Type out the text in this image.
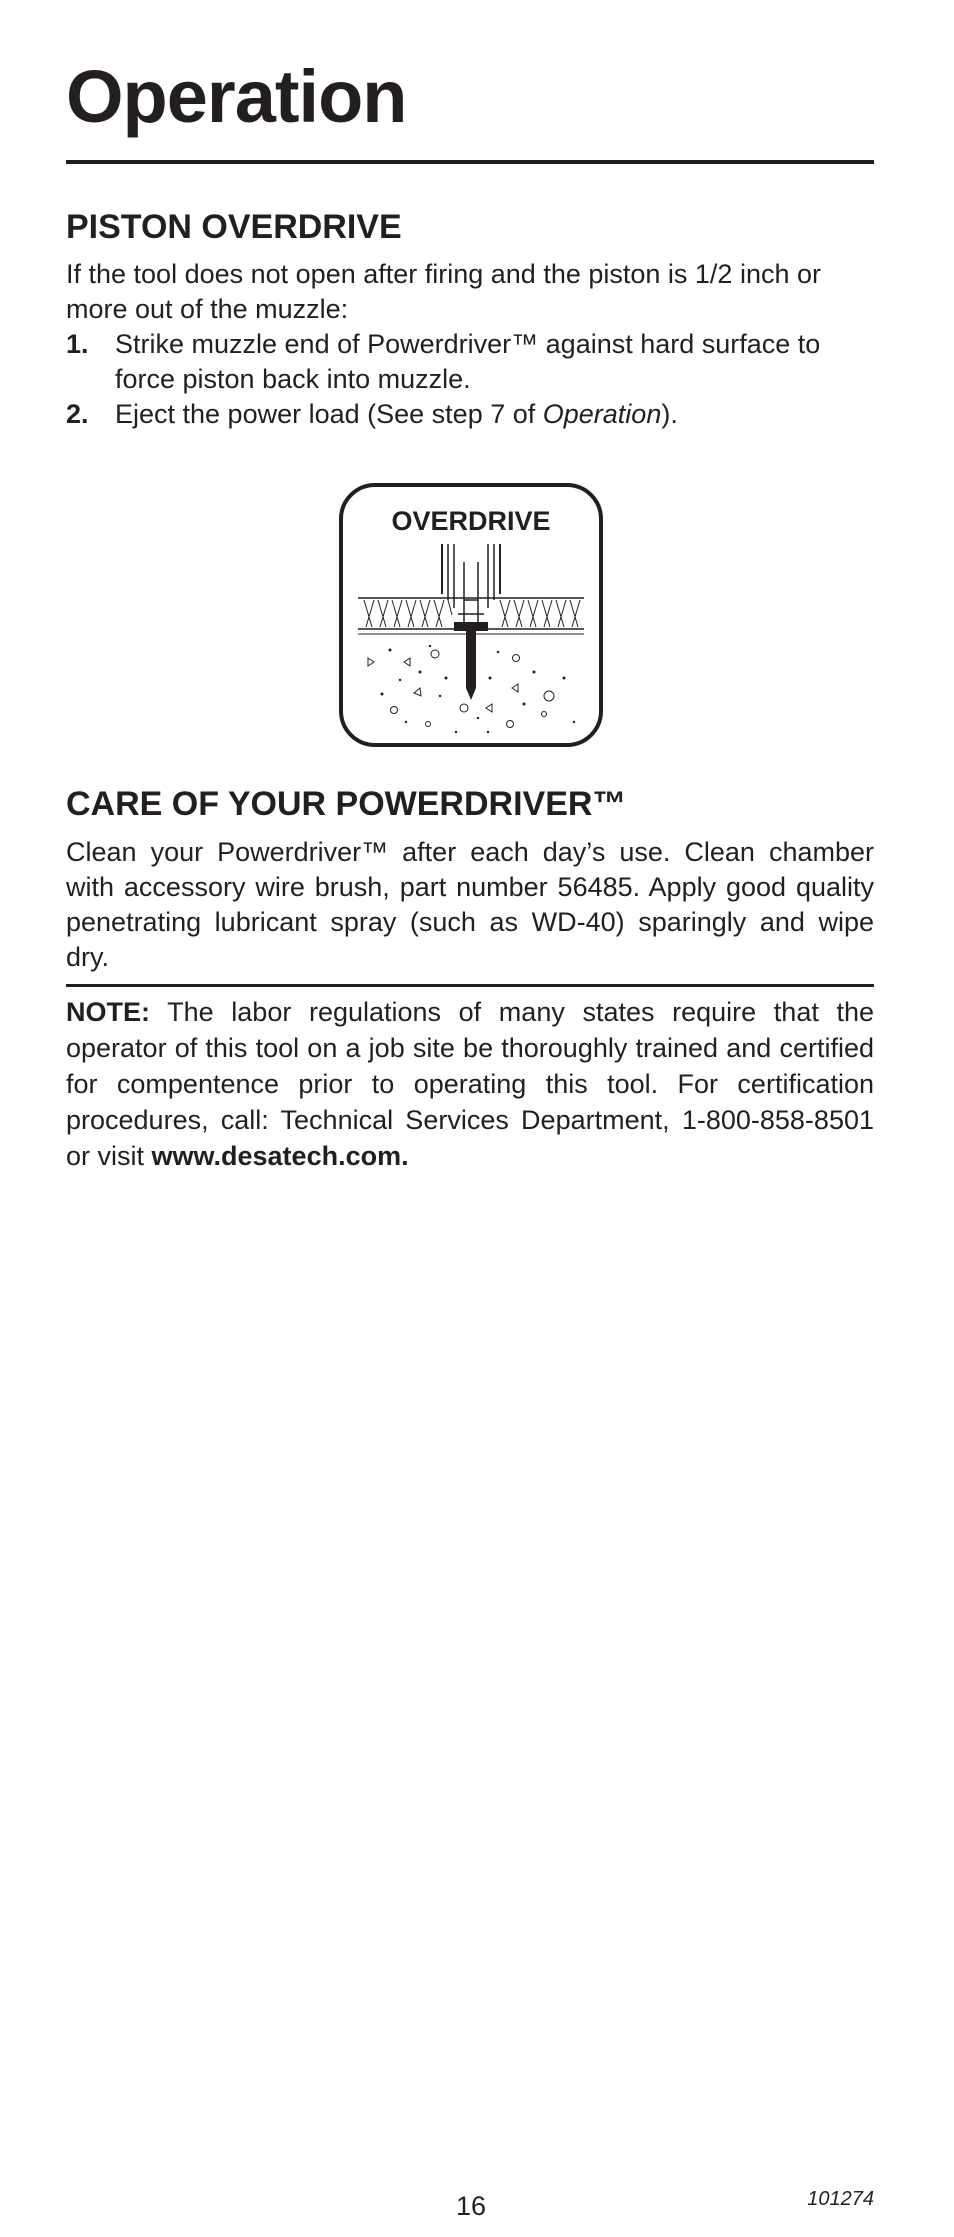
Operation
PISTON OVERDRIVE

If the tool does not open after firing and the piston is 1/2 inch or more out of the muzzle:

1. Strike muzzle end of Powerdriver™ against hard surface to force piston back into muzzle.
2. Eject the power load (See step 7 of Operation).
OVERDRIVE
CARE OF YOUR POWERDRIVER™

Clean your Powerdriver™ after each day’s use. Clean chamber with accessory wire brush, part number 56485. Apply good quality penetrating lubricant spray (such as WD-40) sparingly and wipe dry.

NOTE: The labor regulations of many states require that the operator of this tool on a job site be thoroughly trained and certified for compentence prior to operating this tool. For certification procedures, call: Technical Services Department, 1-800-858-8501 or visit www.desatech.com.

16	101274
